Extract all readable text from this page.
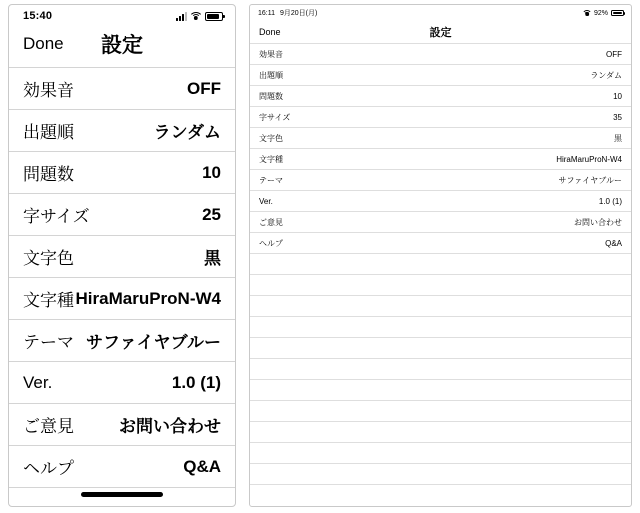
15:40
Done	設定
効果音	OFF
出題順	ランダム
問題数	10
字サイズ	25
文字色	黒
文字種 HiraMaruProN-W4
テーマ サファイヤブルー
Ver.	1.0 (1)
ご意見	お問い合わせ
ヘルプ	Q&A
16:11 9月20日(月)	92%
Done	設定
効果音	OFF
出題順	ランダム
問題数	10
字サイズ	35
文字色	黒
文字種	HiraMaruProN-W4
テーマ	サファイヤブルー
Ver.	1.0 (1)
ご意見	お問い合わせ
ヘルプ	Q&A
